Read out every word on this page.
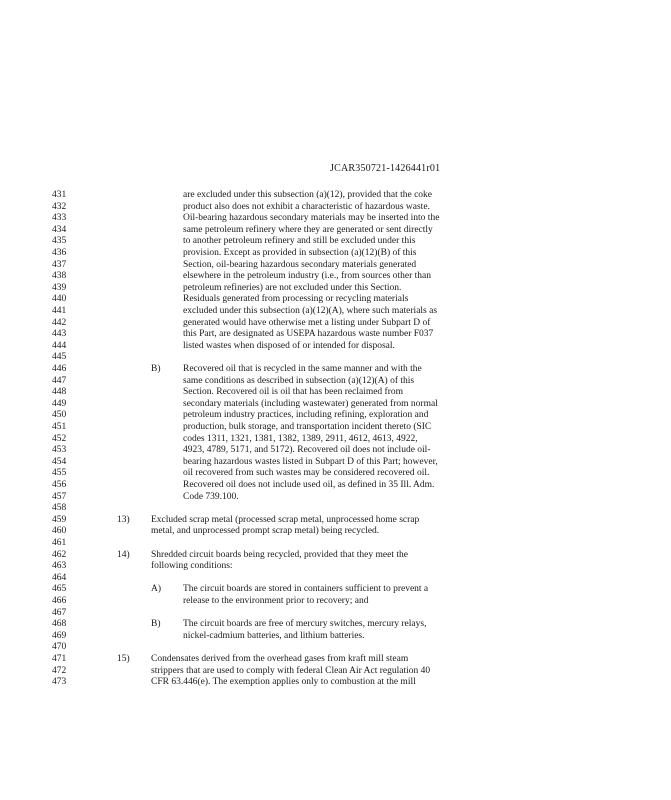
JCAR350721-1426441r01
431
432
433
434
435
436
437
438
439
440
441
442
443
444
445
446
447
448
449
450
451
452
453
454
455
456
457
458
459
460
461
462
463
464
465
466
467
468
469
470
471
472
473
are excluded under this subsection (a)(12), provided that the coke
product also does not exhibit a characteristic of hazardous waste.
Oil-bearing hazardous secondary materials may be inserted into the
same petroleum refinery where they are generated or sent directly
to another petroleum refinery and still be excluded under this
provision. Except as provided in subsection (a)(12)(B) of this
Section, oil-bearing hazardous secondary materials generated
elsewhere in the petroleum industry (i.e., from sources other than
petroleum refineries) are not excluded under this Section.
Residuals generated from processing or recycling materials
excluded under this subsection (a)(12)(A), where such materials as
generated would have otherwise met a listing under Subpart D of
this Part, are designated as USEPA hazardous waste number F037
listed wastes when disposed of or intended for disposal.
B) Recovered oil that is recycled in the same manner and with the
same conditions as described in subsection (a)(12)(A) of this
Section. Recovered oil is oil that has been reclaimed from
secondary materials (including wastewater) generated from normal
petroleum industry practices, including refining, exploration and
production, bulk storage, and transportation incident thereto (SIC
codes 1311, 1321, 1381, 1382, 1389, 2911, 4612, 4613, 4922,
4923, 4789, 5171, and 5172). Recovered oil does not include oil-
bearing hazardous wastes listed in Subpart D of this Part; however,
oil recovered from such wastes may be considered recovered oil.
Recovered oil does not include used oil, as defined in 35 Ill. Adm.
Code 739.100.
13) Excluded scrap metal (processed scrap metal, unprocessed home scrap
metal, and unprocessed prompt scrap metal) being recycled.
14) Shredded circuit boards being recycled, provided that they meet the
following conditions:
A) The circuit boards are stored in containers sufficient to prevent a
release to the environment prior to recovery; and
B) The circuit boards are free of mercury switches, mercury relays,
nickel-cadmium batteries, and lithium batteries.
15) Condensates derived from the overhead gases from kraft mill steam
strippers that are used to comply with federal Clean Air Act regulation 40
CFR 63.446(e). The exemption applies only to combustion at the mill
